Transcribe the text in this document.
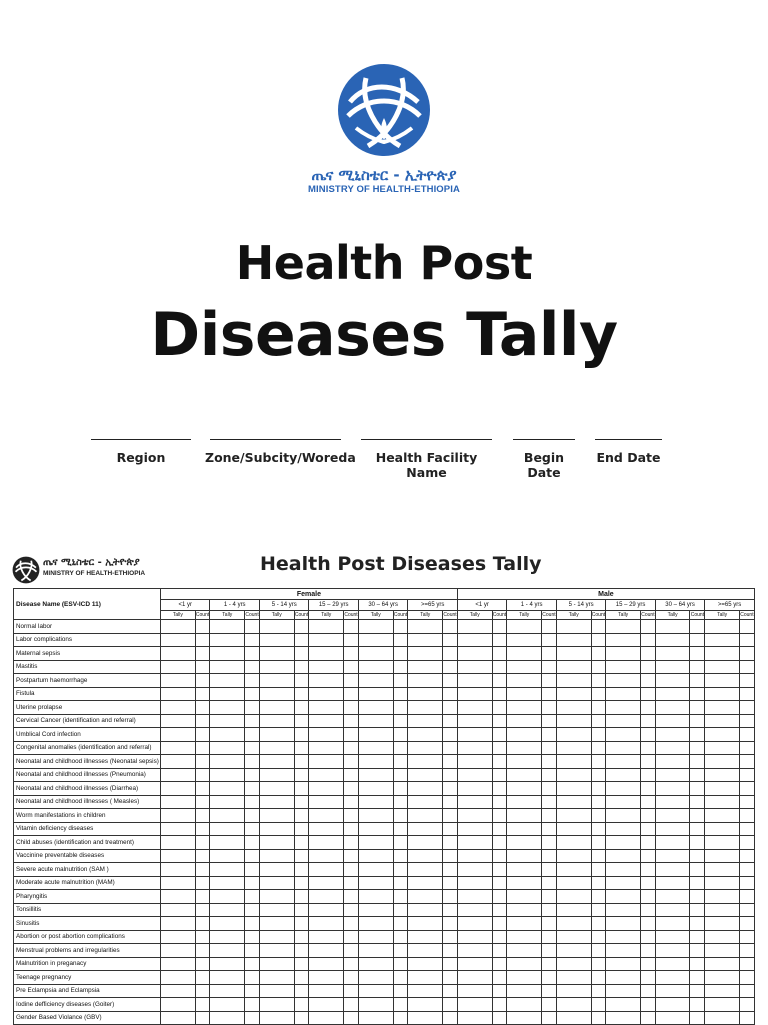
ጤና ሚኒስቴር - ኢትዮጵያ
MINISTRY OF HEALTH-ETHIOPIA
Health Post
Diseases Tally
Region	Zone/Subcity/Woreda	Health Facility Name
Begin Date
End Date
ጤና ሚኒስቴር - ኢትዮጵያ
MINISTRY OF HEALTH-ETHIOPIA	Health Post Diseases Tally
Disease Name (ESV-ICD 11)	Female												Male											
	<1 yr		1 - 4 yrs		5 - 14 yrs		15 – 29 yrs		30 – 64 yrs		>=65 yrs		<1 yr		1 - 4 yrs		5 - 14 yrs		15 – 29 yrs		30 – 64 yrs		>=65 yrs	
	Tally	Count	Tally	Count	Tally	Count	Tally	Count	Tally	Count	Tally	Count	Tally	Count	Tally	Count	Tally	Count	Tally	Count	Tally	Count	Tally	Count
Normal labor																								
Labor complications																								
Maternal sepsis																								
Mastitis																								
Postpartum haemorrhage																								
Fistula																								
Uterine prolapse																								
Cervical Cancer (identification and referral)																								
Umblical Cord infection																								
Congenital anomalies (identification and referral)																								
Neonatal and childhood illnesses (Neonatal sepsis)																								
Neonatal and childhood illnesses (Pneumonia)																								
Neonatal and childhood illnesses (Diarrhea)																								
Neonatal and childhood illnesses ( Measles)																								
Worm manifestations in children																								
Vitamin deficiency diseases																								
Child abuses (identification and treatment)																								
Vaccinine preventable diseases																								
Severe acute malnutrition (SAM )																								
Moderate acute malnutrition (MAM)																								
Pharyngitis																								
Tonsillitis																								
Sinusitis																								
Abortion or post abortion complications																								
Menstrual problems and irregularities																								
Malnutrition in preganacy																								
Teenage pregnancy																								
Pre Eclampsia and Eclampsia																								
Iodine defficiency diseases (Goiter)																								
Gender Based Violance (GBV)																								
